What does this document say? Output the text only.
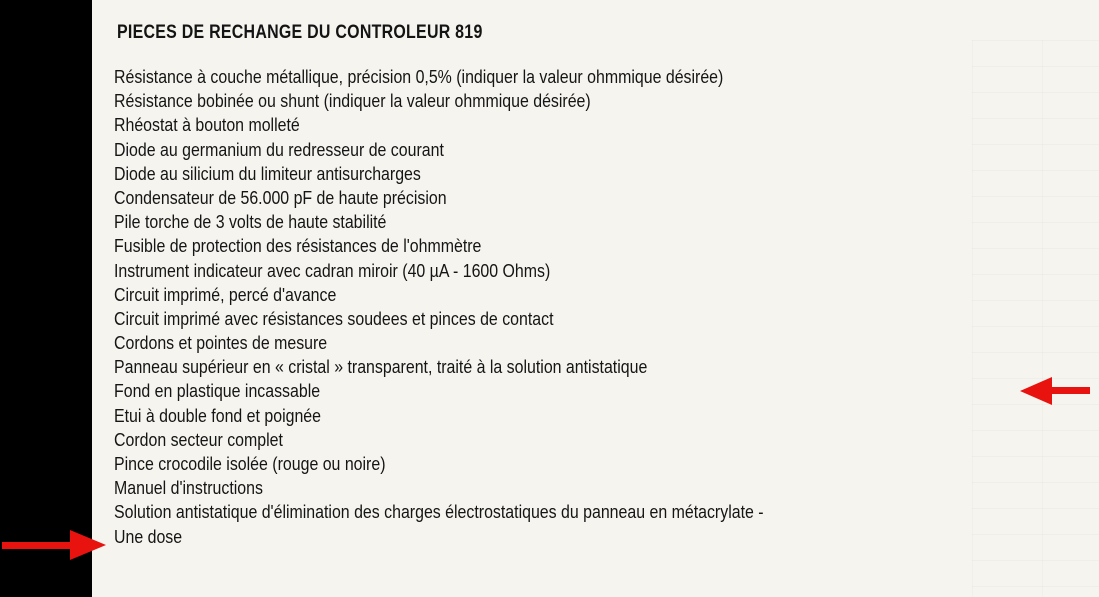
PIECES DE RECHANGE DU CONTROLEUR 819
Résistance à couche métallique, précision 0,5% (indiquer la valeur ohmmique désirée)
Résistance bobinée ou shunt (indiquer la valeur ohmmique désirée)
Rhéostat à bouton molleté
Diode au germanium du redresseur de courant
Diode au silicium du limiteur antisurcharges
Condensateur de 56.000 pF de haute précision
Pile torche de 3 volts de haute stabilité
Fusible de protection des résistances de l'ohmmètre
Instrument indicateur avec cadran miroir (40 µA - 1600 Ohms)
Circuit imprimé, percé d'avance
Circuit imprimé avec résistances soudees et pinces de contact
Cordons et pointes de mesure
Panneau supérieur en « cristal » transparent, traité à la solution antistatique
Fond en plastique incassable
Etui à double fond et poignée
Cordon secteur complet
Pince crocodile isolée (rouge ou noire)
Manuel d'instructions
Solution antistatique d'élimination des charges électrostatiques du panneau en métacrylate -
Une dose
